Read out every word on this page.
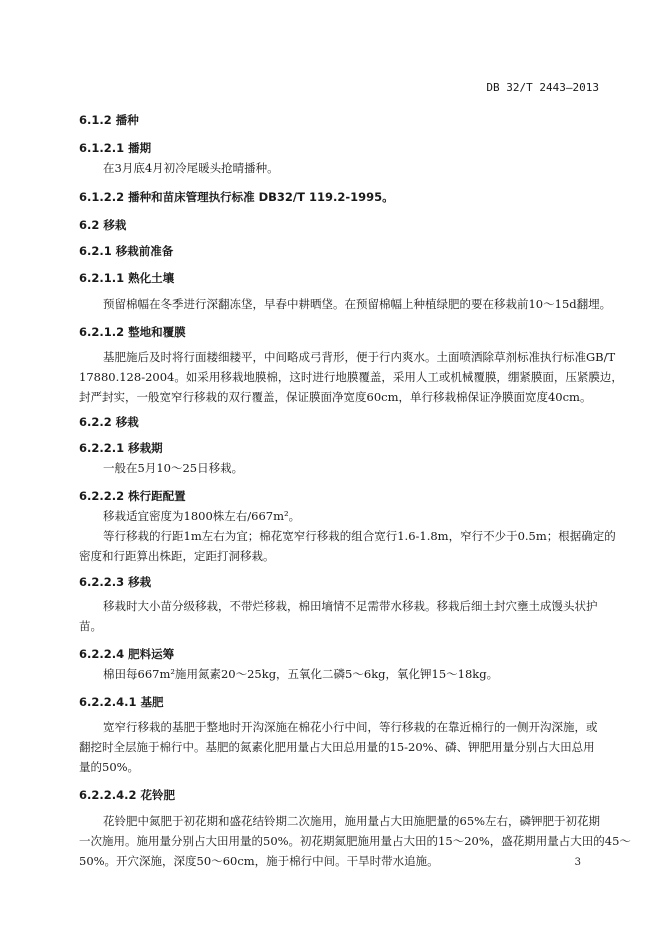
DB 32/T 2443—2013
6.1.2 播种
6.1.2.1 播期
在3月底4月初冷尾暖头抢晴播种。
6.1.2.2 播种和苗床管理执行标准 DB32/T 119.2-1995。
6.2 移栽
6.2.1 移栽前准备
6.2.1.1 熟化土壤
预留棉幅在冬季进行深翻冻垡，早春中耕晒垡。在预留棉幅上种植绿肥的要在移栽前10～15d翻埋。
6.2.1.2 整地和覆膜
基肥施后及时将行面耧细耧平，中间略成弓背形，便于行内爽水。土面喷洒除草剂标准执行标准GB/T
17880.128-2004。如采用移栽地膜棉，这时进行地膜覆盖，采用人工或机械覆膜，绷紧膜面，压紧膜边，
封严封实，一般宽窄行移栽的双行覆盖，保证膜面净宽度60cm，单行移栽棉保证净膜面宽度40cm。
6.2.2 移栽
6.2.2.1 移栽期
一般在5月10～25日移栽。
6.2.2.2 株行距配置
移栽适宜密度为1800株左右/667m²。
等行移栽的行距1m左右为宜；棉花宽窄行移栽的组合宽行1.6-1.8m，窄行不少于0.5m；根据确定的
密度和行距算出株距，定距打洞移栽。
6.2.2.3 移栽
移栽时大小苗分级移栽，不带烂移栽，棉田墒情不足需带水移栽。移栽后细土封穴壅土成馒头状护
苗。
6.2.2.4 肥料运筹
棉田每667m²施用氮素20～25kg，五氧化二磷5～6kg，氧化钾15～18kg。
6.2.2.4.1 基肥
宽窄行移栽的基肥于整地时开沟深施在棉花小行中间，等行移栽的在靠近棉行的一侧开沟深施，或
翻挖时全层施于棉行中。基肥的氮素化肥用量占大田总用量的15-20%、磷、钾肥用量分别占大田总用
量的50%。
6.2.2.4.2 花铃肥
花铃肥中氮肥于初花期和盛花结铃期二次施用，施用量占大田施肥量的65%左右，磷钾肥于初花期
一次施用。施用量分别占大田用量的50%。初花期氮肥施用量占大田的15～20%，盛花期用量占大田的45～
50%。开穴深施，深度50～60cm，施于棉行中间。干旱时带水追施。	3
